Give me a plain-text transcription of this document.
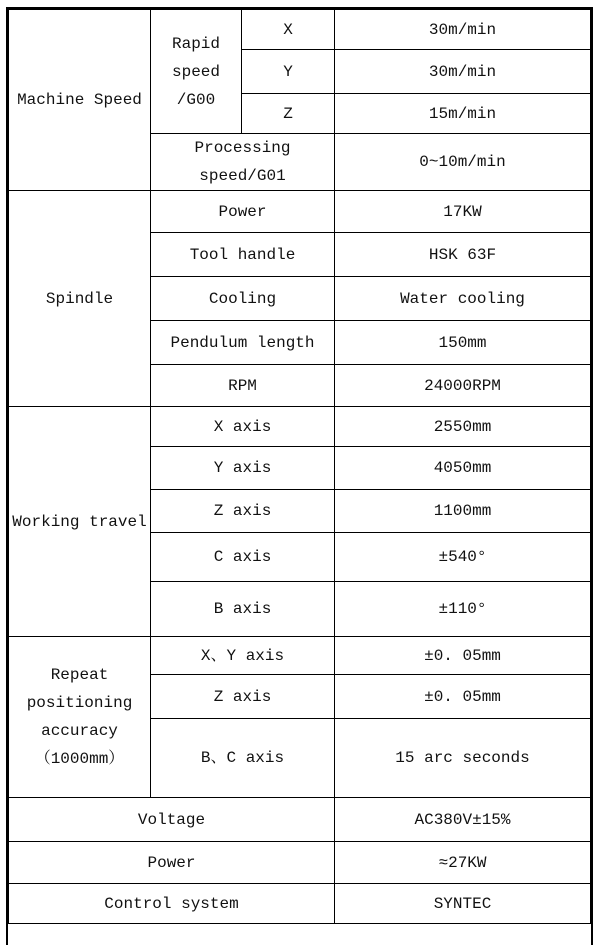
Machine Speed	Rapid speed /G00	X	30m/min
		Y	30m/min
		Z	15m/min
	Processing speed/G01		0~10m/min
Spindle	Power		17KW
	Tool handle		HSK 63F
	Cooling		Water cooling
	Pendulum length		150mm
	RPM		24000RPM
Working travel	X axis		2550mm
	Y axis		4050mm
	Z axis		1100mm
	C axis		±540°
	B axis		±110°
Repeat positioning accuracy （1000mm）	X、Y axis		±0. 05mm
	Z axis		±0. 05mm
	B、C axis		15 arc seconds
Voltage			AC380V±15%
Power			≈27KW
Control system			SYNTEC
